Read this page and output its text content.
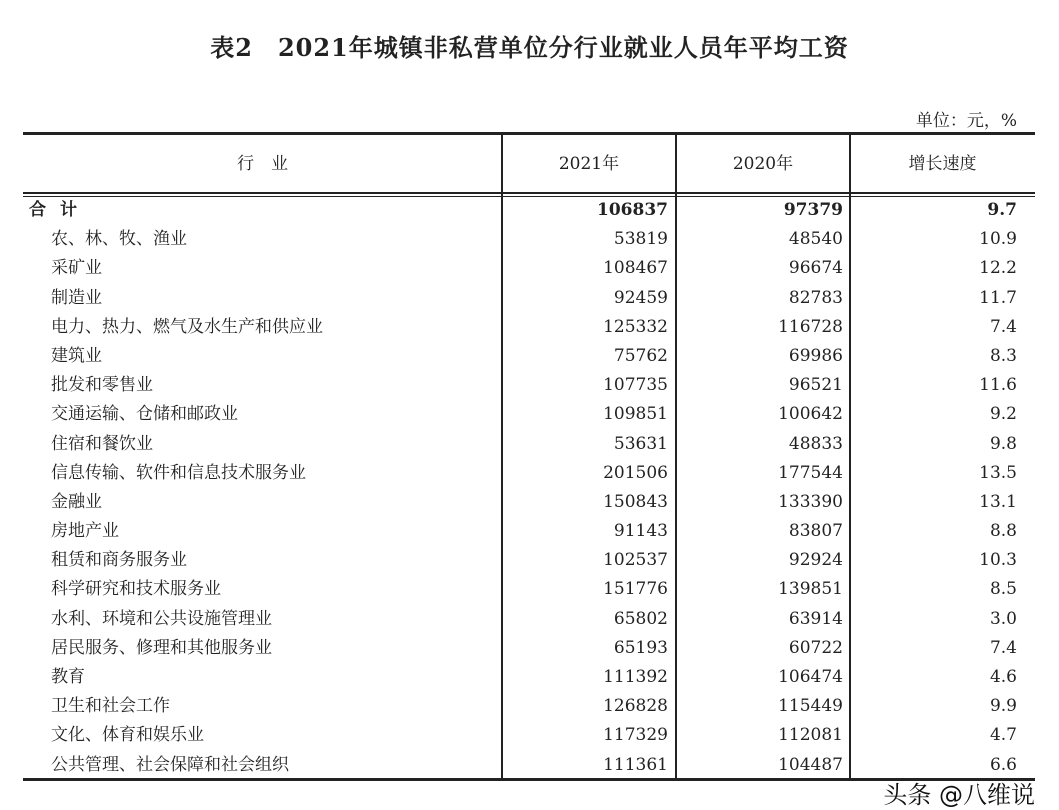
表2　2021年城镇非私营单位分行业就业人员年平均工资
单位：元，%
行　业	2021年	2020年	增长速度
合计	106837	97379	9.7
农、林、牧、渔业	53819	48540	10.9
采矿业	108467	96674	12.2
制造业	92459	82783	11.7
电力、热力、燃气及水生产和供应业	125332	116728	7.4
建筑业	75762	69986	8.3
批发和零售业	107735	96521	11.6
交通运输、仓储和邮政业	109851	100642	9.2
住宿和餐饮业	53631	48833	9.8
信息传输、软件和信息技术服务业	201506	177544	13.5
金融业	150843	133390	13.1
房地产业	91143	83807	8.8
租赁和商务服务业	102537	92924	10.3
科学研究和技术服务业	151776	139851	8.5
水利、环境和公共设施管理业	65802	63914	3.0
居民服务、修理和其他服务业	65193	60722	7.4
教育	111392	106474	4.6
卫生和社会工作	126828	115449	9.9
文化、体育和娱乐业	117329	112081	4.7
公共管理、社会保障和社会组织	111361	104487	6.6
头条 @八维说
